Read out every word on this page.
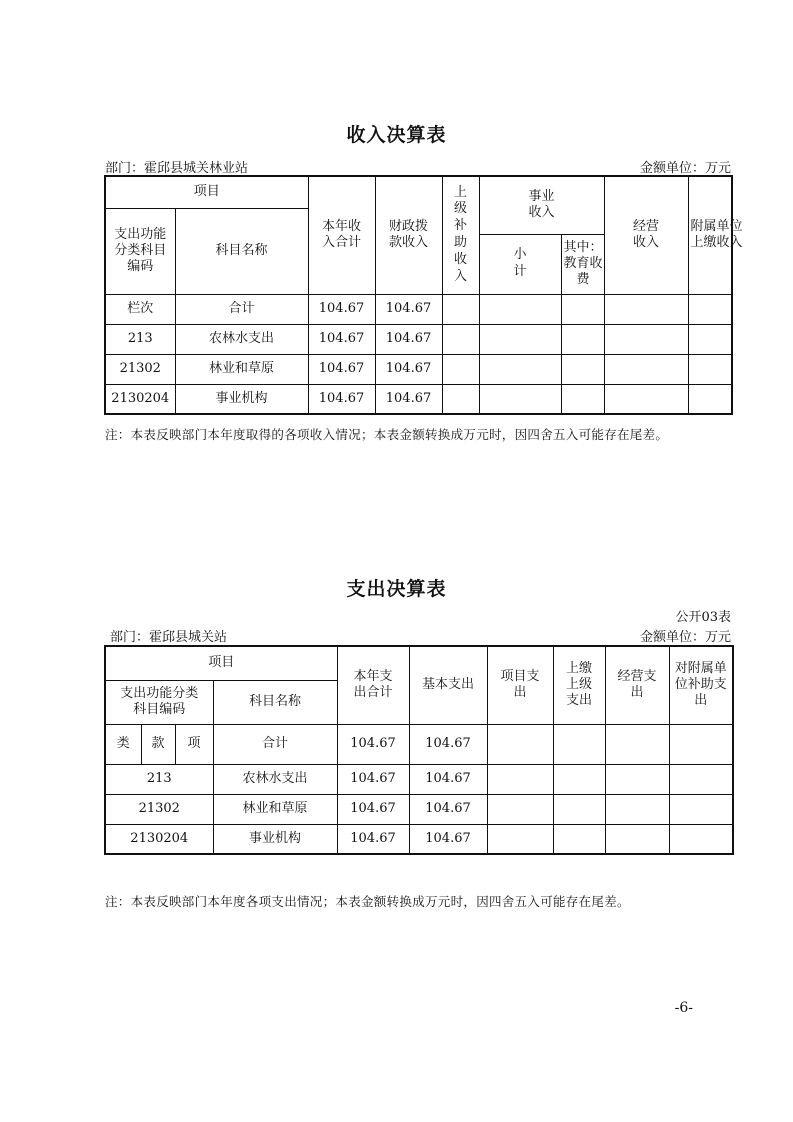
收入决算表
部门：霍邱县城关林业站	金额单位：万元
项目		本年收入合计	财政拨款收入	上级补助收入	事业收入		经营收入	附属单位上缴收入	
支出功能分类科目编码	科目名称								
					小计	其中：教育收费			
栏次	合计	104.67	104.67						
213	农林水支出	104.67	104.67						
21302	林业和草原	104.67	104.67						
2130204	事业机构	104.67	104.67						
注：本表反映部门本年度取得的各项收入情况；本表金额转换成万元时，因四舍五入可能存在尾差。
支出决算表
公开03表
部门：霍邱县城关站	金额单位：万元
项目				本年支出合计	基本支出	项目支出	上缴上级支出	经营支出	对附属单位补助支出
支出功能分类科目编码			科目名称						
类	款	项	合计	104.67	104.67				
213			农林水支出	104.67	104.67				
21302			林业和草原	104.67	104.67				
2130204			事业机构	104.67	104.67				
注：本表反映部门本年度各项支出情况；本表金额转换成万元时，因四舍五入可能存在尾差。
-6-
